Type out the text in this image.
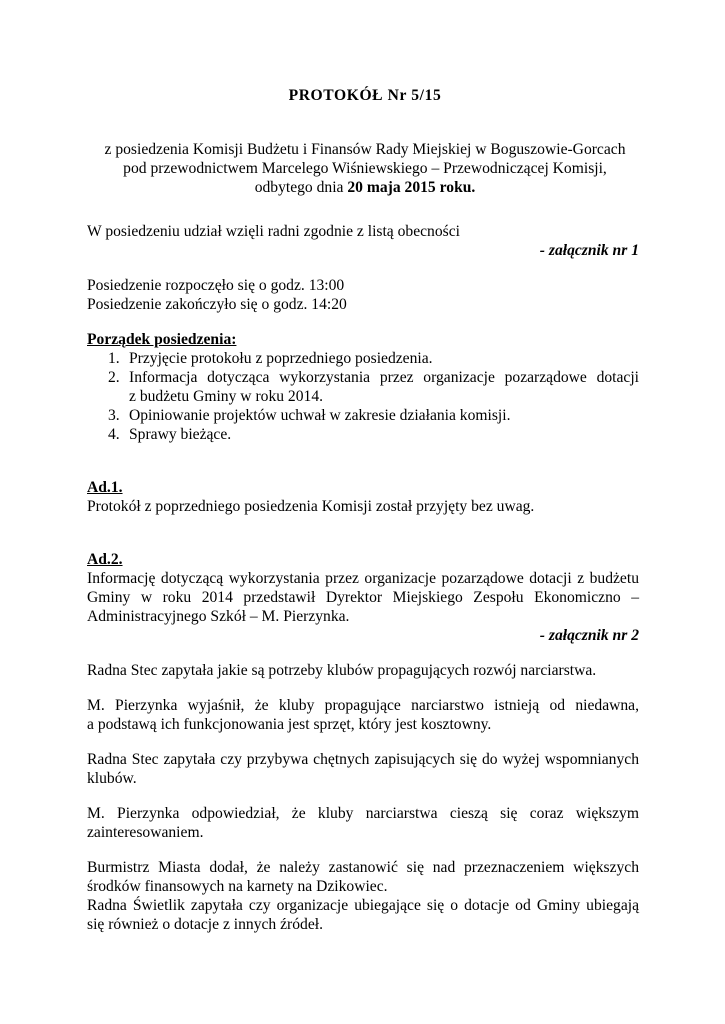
PROTOKÓŁ Nr 5/15
z posiedzenia Komisji Budżetu i Finansów Rady Miejskiej w Boguszowie-Gorcach
pod przewodnictwem Marcelego Wiśniewskiego – Przewodniczącej Komisji,
odbytego dnia 20 maja 2015 roku.
W posiedzeniu udział wzięli radni zgodnie z listą obecności
- załącznik nr 1
Posiedzenie rozpoczęło się o godz. 13:00
Posiedzenie zakończyło się o godz. 14:20
Porządek posiedzenia:
1. Przyjęcie protokołu z poprzedniego posiedzenia.
2. Informacja dotycząca wykorzystania przez organizacje pozarządowe dotacji
z budżetu Gminy w roku 2014.
3. Opiniowanie projektów uchwał w zakresie działania komisji.
4. Sprawy bieżące.
Ad.1.
Protokół z poprzedniego posiedzenia Komisji został przyjęty bez uwag.
Ad.2.
Informację dotyczącą wykorzystania przez organizacje pozarządowe dotacji z budżetu
Gminy w roku 2014 przedstawił Dyrektor Miejskiego Zespołu Ekonomiczno –
Administracyjnego Szkół – M. Pierzynka.
- załącznik nr 2
Radna Stec zapytała jakie są potrzeby klubów propagujących rozwój narciarstwa.
M. Pierzynka wyjaśnił, że kluby propagujące narciarstwo istnieją od niedawna,
a podstawą ich funkcjonowania jest sprzęt, który jest kosztowny.
Radna Stec zapytała czy przybywa chętnych zapisujących się do wyżej wspomnianych
klubów.
M. Pierzynka odpowiedział, że kluby narciarstwa cieszą się coraz większym
zainteresowaniem.
Burmistrz Miasta dodał, że należy zastanowić się nad przeznaczeniem większych
środków finansowych na karnety na Dzikowiec.
Radna Świetlik zapytała czy organizacje ubiegające się o dotacje od Gminy ubiegają
się również o dotacje z innych źródeł.
